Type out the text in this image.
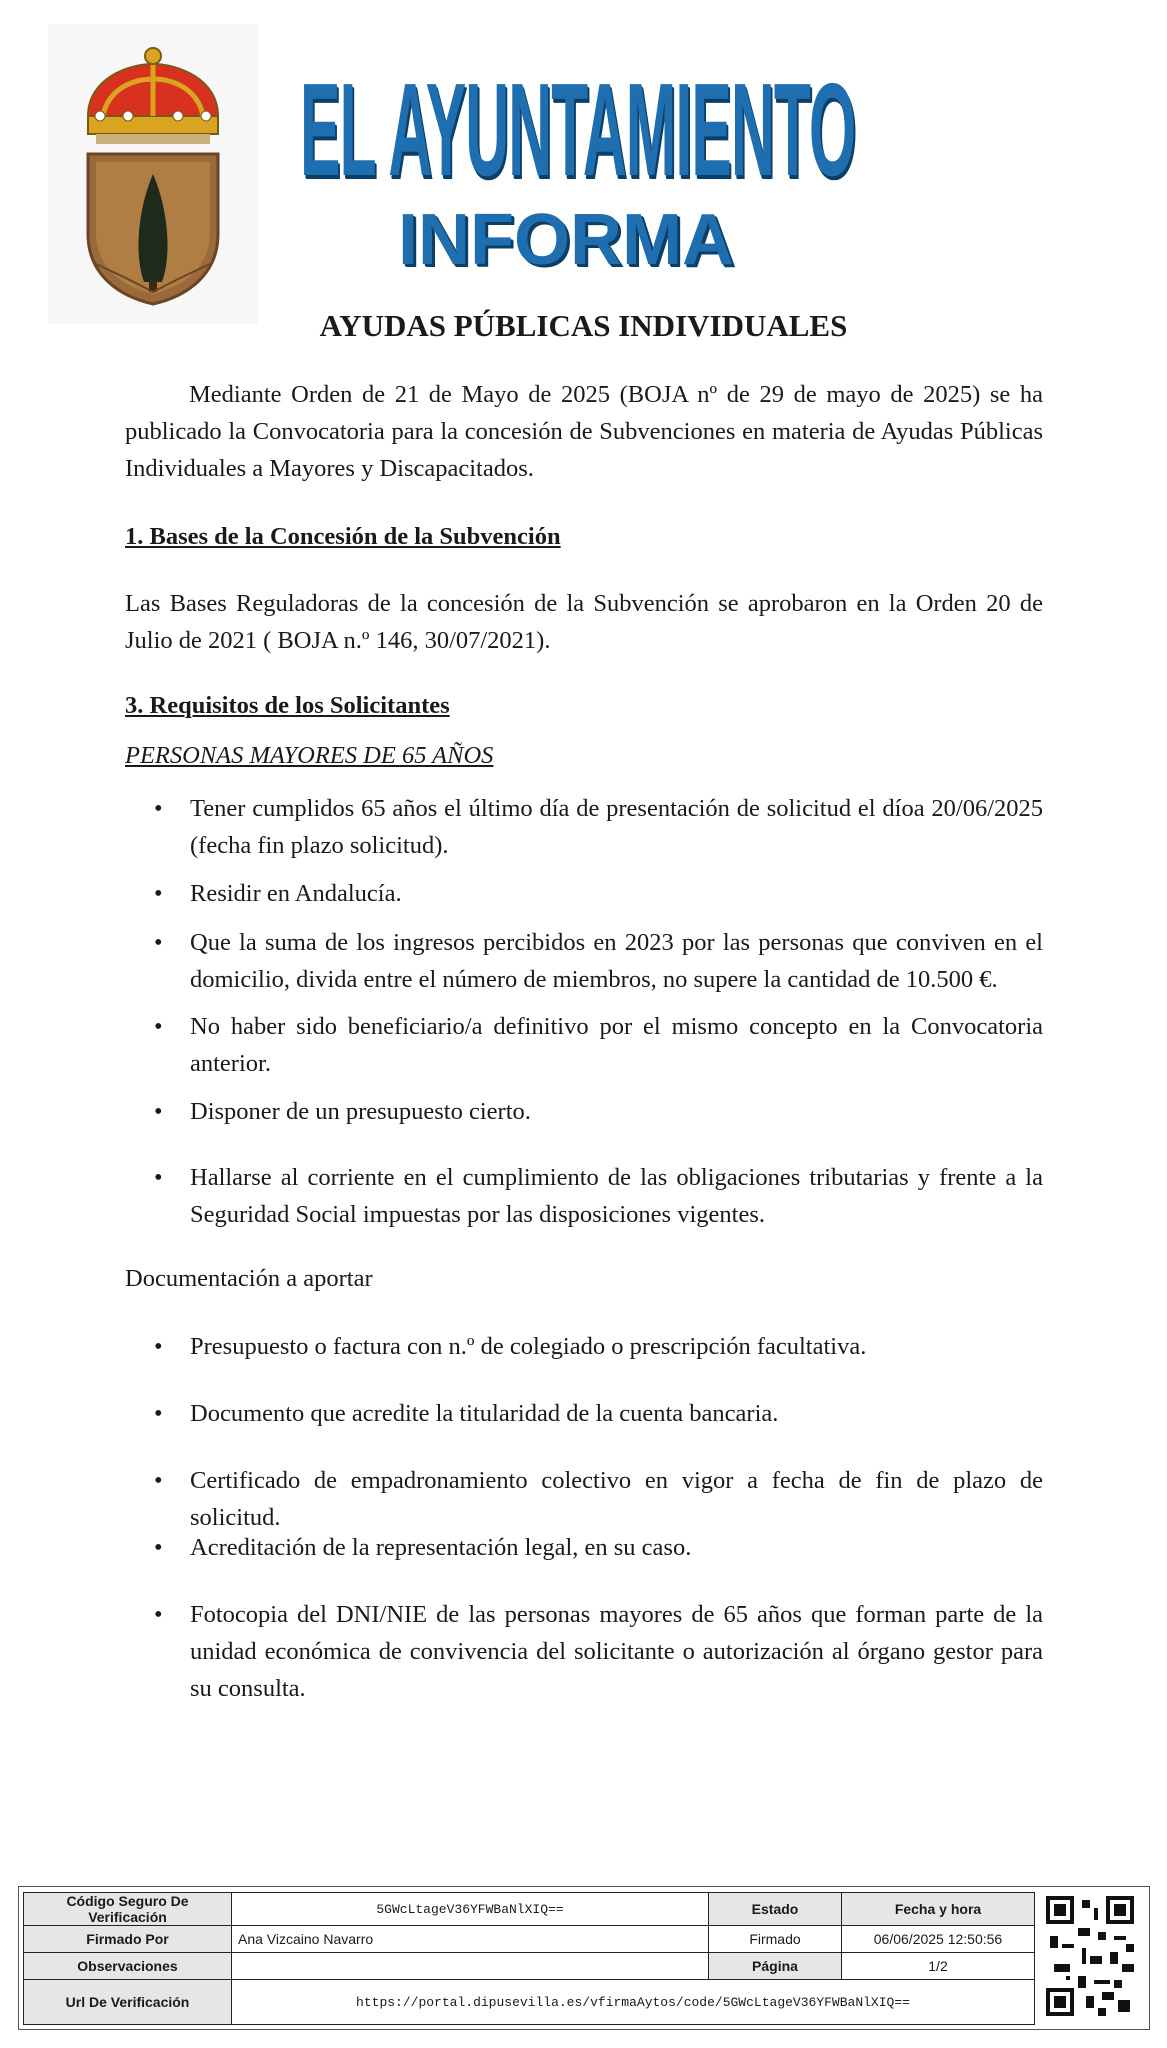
EL AYUNTAMIENTO
INFORMA
AYUDAS PÚBLICAS INDIVIDUALES

Mediante Orden de 21 de Mayo de 2025 (BOJA nº de 29 de mayo de 2025) se ha publicado la Convocatoria para la concesión de Subvenciones en materia de Ayudas Públicas Individuales a Mayores y Discapacitados.

1. Bases de la Concesión de la Subvención

Las Bases Reguladoras de la concesión de la Subvención se aprobaron en la Orden 20 de Julio de 2021 ( BOJA n.º 146, 30/07/2021).

3. Requisitos de los Solicitantes
PERSONAS MAYORES DE 65 AÑOS
• Tener cumplidos 65 años el último día de presentación de solicitud el díoa 20/06/2025 (fecha fin plazo solicitud).
• Residir en Andalucía.
• Que la suma de los ingresos percibidos en 2023 por las personas que conviven en el domicilio, divida entre el número de miembros, no supere la cantidad de 10.500 €.
• No haber sido beneficiario/a definitivo por el mismo concepto en la Convocatoria anterior.
• Disponer de un presupuesto cierto.
• Hallarse al corriente en el cumplimiento de las obligaciones tributarias y frente a la Seguridad Social impuestas por las disposiciones vigentes.
Documentación a aportar
• Presupuesto o factura con n.º de colegiado o prescripción facultativa.
• Documento que acredite la titularidad de la cuenta bancaria.
• Certificado de empadronamiento colectivo en vigor a fecha de fin de plazo de solicitud.
• Acreditación de la representación legal, en su caso.
• Fotocopia del DNI/NIE de las personas mayores de 65 años que forman parte de la unidad económica de convivencia del solicitante o autorización al órgano gestor para su consulta.
Código Seguro De Verificación	5GWcLtageV36YFWBaNlXIQ==	Estado	Fecha y hora
Firmado Por	Ana Vizcaino Navarro	Firmado	06/06/2025 12:50:56
Observaciones		Página	1/2
Url De Verificación	https://portal.dipusevilla.es/vfirmaAytos/code/5GWcLtageV36YFWBaNlXIQ==		
